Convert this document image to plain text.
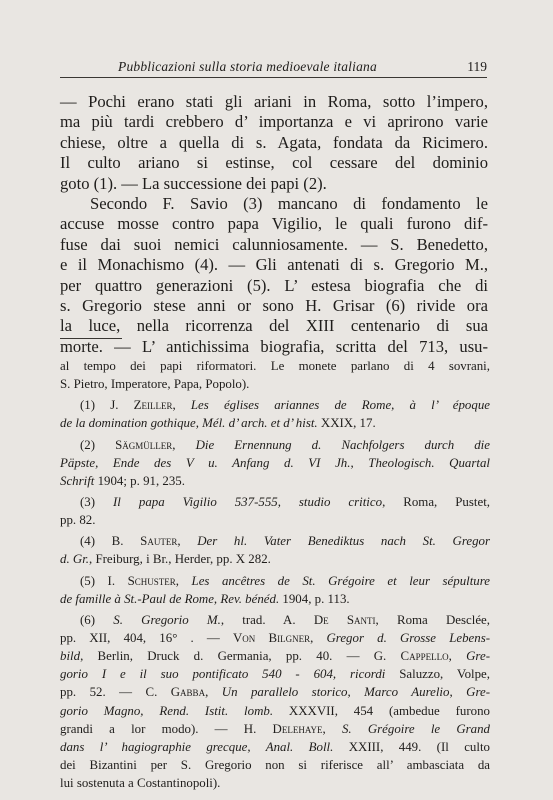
Pubblicazioni sulla storia medioevale italiana	119
— Pochi erano stati gli ariani in Roma, sotto l’impero,
ma più tardi crebbero d’ importanza e vi aprirono varie
chiese, oltre a quella di s. Agata, fondata da Ricimero.
Il culto ariano si estinse, col cessare del dominio
goto (1). — La successione dei papi (2).
Secondo F. Savio (3) mancano di fondamento le
accuse mosse contro papa Vigilio, le quali furono dif-
fuse dai suoi nemici calunniosamente. — S. Benedetto,
e il Monachismo (4). — Gli antenati di s. Gregorio M.,
per quattro generazioni (5). L’ estesa biografia che di
s. Gregorio stese anni or sono H. Grisar (6) rivide ora
la luce, nella ricorrenza del XIII centenario di sua
morte. — L’ antichissima biografia, scritta del 713, usu-
al tempo dei papi riformatori. Le monete parlano di 4 sovrani,
S. Pietro, Imperatore, Papa, Popolo).
(1) J. Zeiller, Les églises ariannes de Rome, à l’ époque
de la domination gothique, Mél. d’ arch. et d’ hist. XXIX, 17.
(2) Sägmüller, Die Ernennung d. Nachfolgers durch die
Päpste, Ende des V u. Anfang d. VI Jh., Theologisch. Quartal
Schrift 1904; p. 91, 235.
(3) Il papa Vigilio 537-555, studio critico, Roma, Pustet,
pp. 82.
(4) B. Sauter, Der hl. Vater Benediktus nach St. Gregor
d. Gr., Freiburg, i Br., Herder, pp. X 282.
(5) I. Schuster, Les ancêtres de St. Grégoire et leur sépulture
de famille à St.-Paul de Rome, Rev. bénéd. 1904, p. 113.
(6) S. Gregorio M., trad. A. De Santi, Roma Desclée,
pp. XII, 404, 16° . — Von Bilgner, Gregor d. Grosse Lebens-
bild, Berlin, Druck d. Germania, pp. 40. — G. Cappello, Gre-
gorio I e il suo pontificato 540 - 604, ricordi Saluzzo, Volpe,
pp. 52. — C. Gabba, Un parallelo storico, Marco Aurelio, Gre-
gorio Magno, Rend. Istit. lomb. XXXVII, 454 (ambedue furono
grandi a lor modo). — H. Delehaye, S. Grégoire le Grand
dans l’ hagiographie grecque, Anal. Boll. XXIII, 449. (Il culto
dei Bizantini per S. Gregorio non si riferisce all’ ambasciata da
lui sostenuta a Costantinopoli).
